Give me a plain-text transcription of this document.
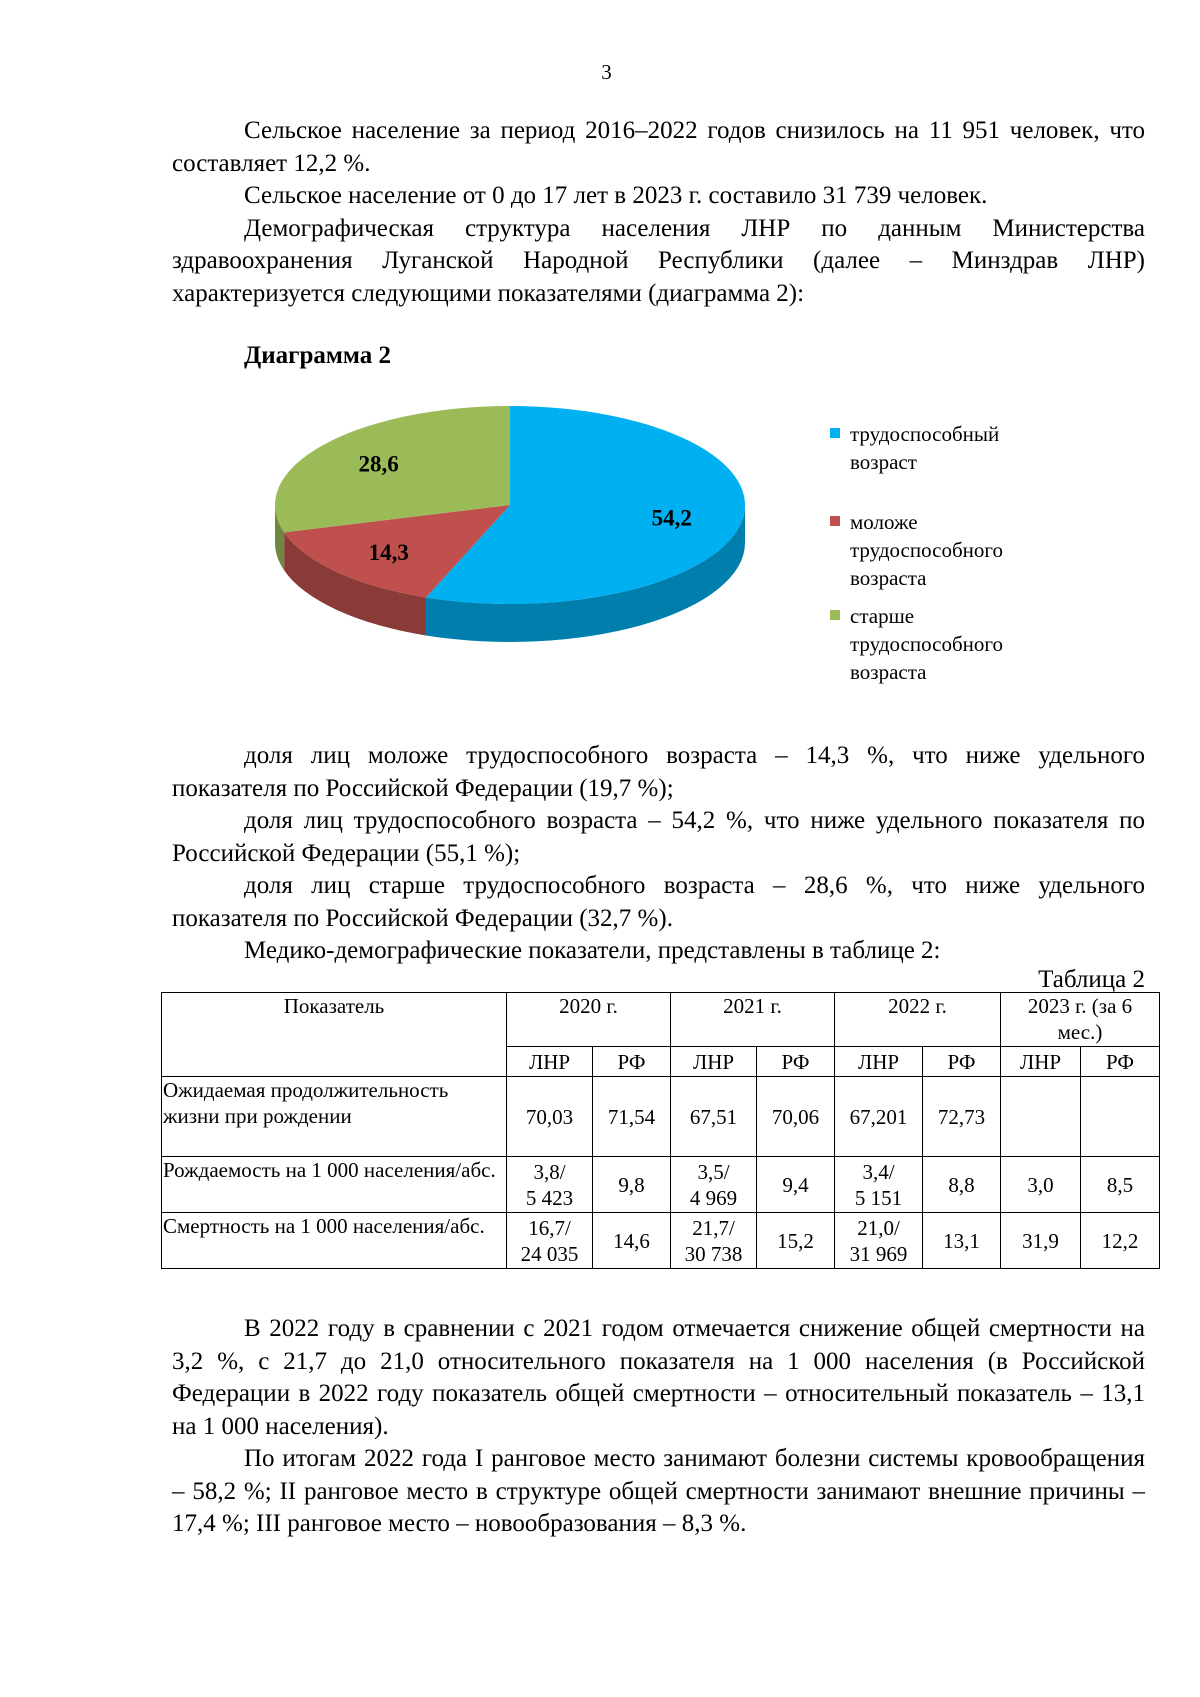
3

Сельское население за период 2016–2022 годов снизилось на 11 951 человек, что составляет 12,2 %.

Сельское население от 0 до 17 лет в 2023 г. составило 31 739 человек.

Демографическая структура населения ЛНР по данным Министерства здравоохранения Луганской Народной Республики (далее – Минздрав ЛНР) характеризуется следующими показателями (диаграмма 2):

Диаграмма 2
54,2
14,3
28,6
трудоспособный
возраст
моложе
трудоспособного
возраста
старше
трудоспособного
возраста

доля лиц моложе трудоспособного возраста – 14,3 %, что ниже удельного показателя по Российской Федерации (19,7 %);

доля лиц трудоспособного возраста – 54,2 %, что ниже удельного показателя по Российской Федерации (55,1 %);

доля лиц старше трудоспособного возраста – 28,6 %, что ниже удельного показателя по Российской Федерации (32,7 %).

Медико-демографические показатели, представлены в таблице 2:

Таблица 2
Показатель	2020 г.		2021 г.		2022 г.		2023 г. (за 6 мес.)	
	ЛНР	РФ	ЛНР	РФ	ЛНР	РФ	ЛНР	РФ
Ожидаемая продолжительность жизни при рождении	70,03	71,54	67,51	70,06	67,201	72,73		
Рождаемость на 1 000 населения/абс.	3,8/
5 423	9,8	3,5/
4 969	9,4	3,4/
5 151	8,8	3,0	8,5
Смертность на 1 000 населения/абс.	16,7/
24 035	14,6	21,7/
30 738	15,2	21,0/
31 969	13,1	31,9	12,2

В 2022 году в сравнении с 2021 годом отмечается снижение общей смертности на 3,2 %, с 21,7 до 21,0 относительного показателя на 1 000 населения (в Российской Федерации в 2022 году показатель общей смертности – относительный показатель – 13,1 на 1 000 населения).

По итогам 2022 года I ранговое место занимают болезни системы кровообращения – 58,2 %; II ранговое место в структуре общей смертности занимают внешние причины – 17,4 %; III ранговое место – новообразования – 8,3 %.
